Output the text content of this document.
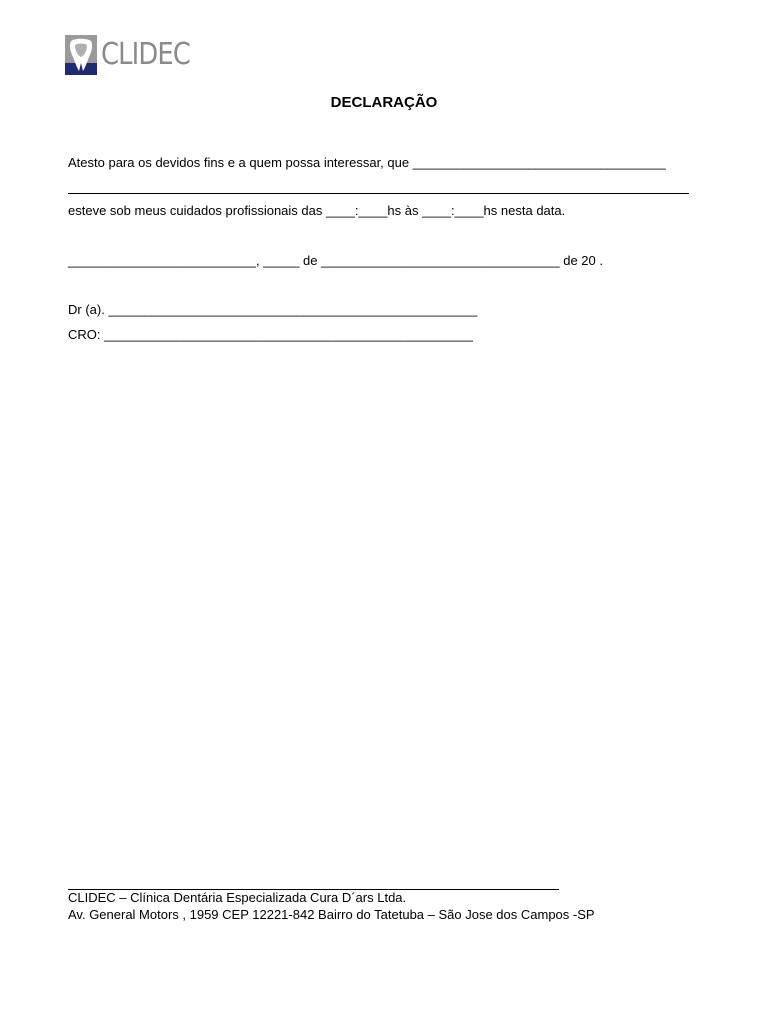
CLIDEC
DECLARAÇÃO
Atesto para os devidos fins e a quem possa interessar, que ___________________________________
esteve sob meus cuidados profissionais das ____:____hs às ____:____hs nesta data.
__________________________, _____ de _________________________________ de 20 .
Dr (a). ___________________________________________________
CRO: ___________________________________________________
CLIDEC – Clínica Dentária Especializada Cura D´ars Ltda.
Av. General Motors , 1959 CEP 12221-842 Bairro do Tatetuba – São Jose dos Campos -SP
